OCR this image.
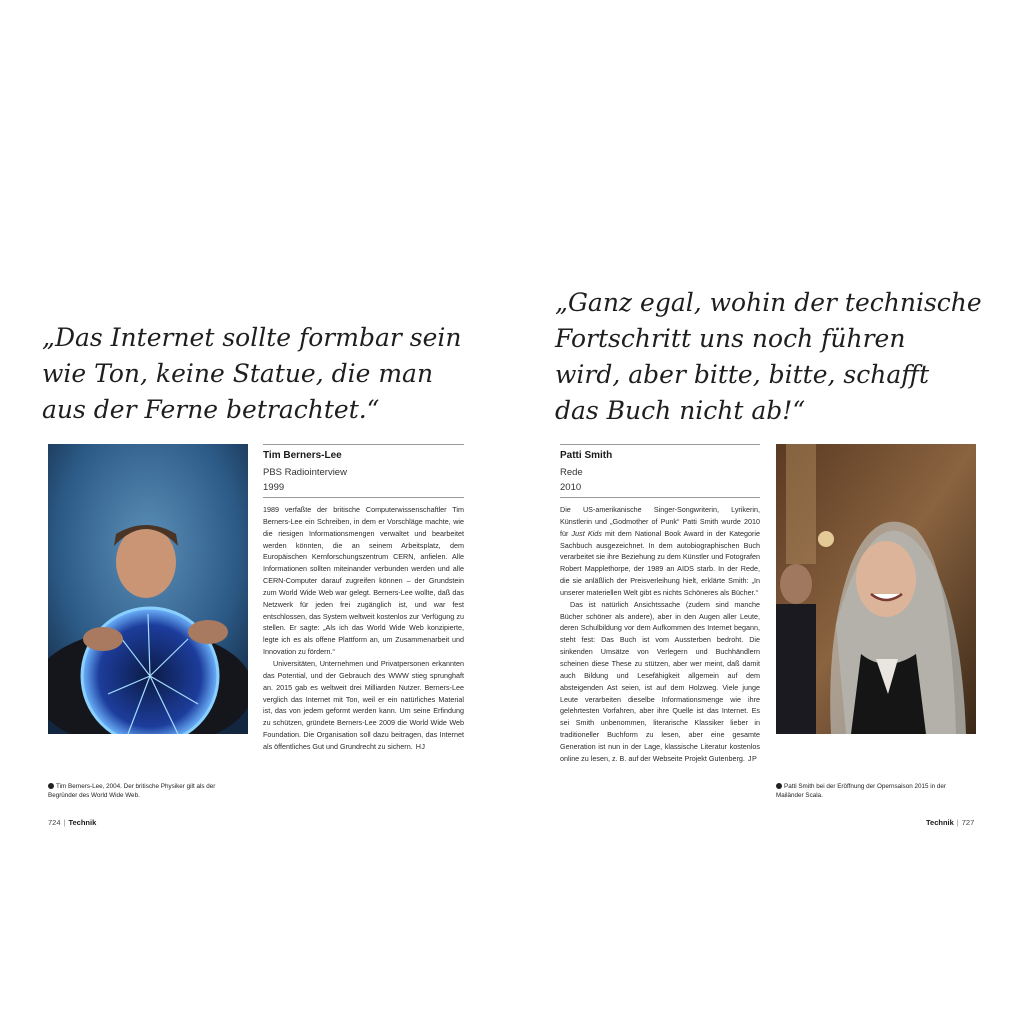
„Das Internet sollte formbar sein
wie Ton, keine Statue, die man
aus der Ferne betrachtet.“
Tim Berners-Lee
PBS Radiointerview
1999

1989 verfaßte der britische Computerwissenschaftler Tim Berners-Lee ein Schreiben, in dem er Vorschläge machte, wie die riesigen Informationsmengen verwaltet und bearbeitet werden könnten, die an seinem Arbeitsplatz, dem Europäischen Kernforschungszentrum CERN, anfielen. Alle Informationen sollten miteinander verbunden werden und alle CERN-Computer darauf zugreifen können – der Grundstein zum World Wide Web war gelegt. Berners-Lee wollte, daß das Netzwerk für jeden frei zugänglich ist, und war fest entschlossen, das System weltweit kostenlos zur Verfügung zu stellen. Er sagte: „Als ich das World Wide Web konzipierte, legte ich es als offene Plattform an, um Zusammenarbeit und Innovation zu fördern.“

Universitäten, Unternehmen und Privatpersonen erkannten das Potential, und der Gebrauch des WWW stieg sprunghaft an. 2015 gab es weltweit drei Milliarden Nutzer. Berners-Lee verglich das Internet mit Ton, weil er ein natürliches Material ist, das von jedem geformt werden kann. Um seine Erfindung zu schützen, gründete Berners-Lee 2009 die World Wide Web Foundation. Die Organisation soll dazu beitragen, das Internet als öffentliches Gut und Grundrecht zu sichern. HJ

Tim Berners-Lee, 2004. Der britische Physiker gilt als der Begründer des World Wide Web.
724 | Technik
„Ganz egal, wohin der technische
Fortschritt uns noch führen
wird, aber bitte, bitte, schafft
das Buch nicht ab!“
Patti Smith
Rede
2010

Die US-amerikanische Singer-Songwriterin, Lyrikerin, Künstlerin und „Godmother of Punk“ Patti Smith wurde 2010 für Just Kids mit dem National Book Award in der Kategorie Sachbuch ausgezeichnet. In dem autobiographischen Buch verarbeitet sie ihre Beziehung zu dem Künstler und Fotografen Robert Mapplethorpe, der 1989 an AIDS starb. In der Rede, die sie anläßlich der Preisverleihung hielt, erklärte Smith: „In unserer materiellen Welt gibt es nichts Schöneres als Bücher.“

Das ist natürlich Ansichtssache (zudem sind manche Bücher schöner als andere), aber in den Augen aller Leute, deren Schulbildung vor dem Aufkommen des Internet begann, steht fest: Das Buch ist vom Aussterben bedroht. Die sinkenden Umsätze von Verlegern und Buchhändlern scheinen diese These zu stützen, aber wer meint, daß damit auch Bildung und Lesefähigkeit allgemein auf dem absteigenden Ast seien, ist auf dem Holzweg. Viele junge Leute verarbeiten dieselbe Informationsmenge wie ihre gelehrtesten Vorfahren, aber ihre Quelle ist das Internet. Es sei Smith unbenommen, literarische Klassiker lieber in traditioneller Buchform zu lesen, aber eine gesamte Generation ist nun in der Lage, klassische Literatur kostenlos online zu lesen, z. B. auf der Webseite Projekt Gutenberg. JP

Patti Smith bei der Eröffnung der Opernsaison 2015 in der Mailänder Scala.
Technik | 727
